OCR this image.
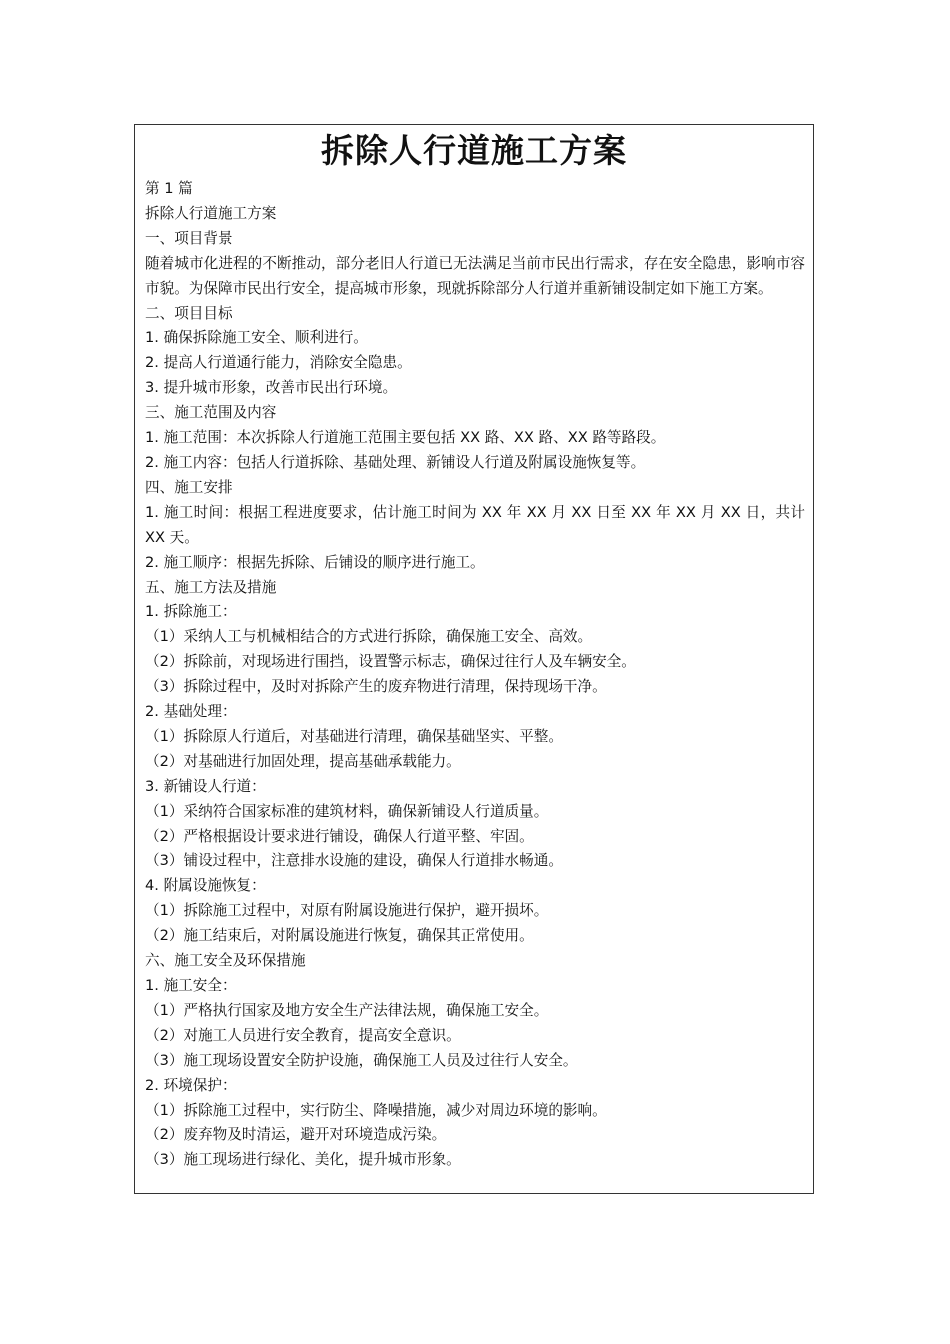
拆除人行道施工方案
第 1 篇
拆除人行道施工方案
一、项目背景
随着城市化进程的不断推动，部分老旧人行道已无法满足当前市民出行需求，存在安全隐患，影响市容市貌。为保障市民出行安全，提高城市形象，现就拆除部分人行道并重新铺设制定如下施工方案。
二、项目目标
1. 确保拆除施工安全、顺利进行。
2. 提高人行道通行能力，消除安全隐患。
3. 提升城市形象，改善市民出行环境。
三、施工范围及内容
1. 施工范围：本次拆除人行道施工范围主要包括 XX 路、XX 路、XX 路等路段。
2. 施工内容：包括人行道拆除、基础处理、新铺设人行道及附属设施恢复等。
四、施工安排
1. 施工时间：根据工程进度要求，估计施工时间为 XX 年 XX 月 XX 日至 XX 年 XX 月 XX 日，共计 XX 天。
2. 施工顺序：根据先拆除、后铺设的顺序进行施工。
五、施工方法及措施
1. 拆除施工：
（1）采纳人工与机械相结合的方式进行拆除，确保施工安全、高效。
（2）拆除前，对现场进行围挡，设置警示标志，确保过往行人及车辆安全。
（3）拆除过程中，及时对拆除产生的废弃物进行清理，保持现场干净。
2. 基础处理：
（1）拆除原人行道后，对基础进行清理，确保基础坚实、平整。
（2）对基础进行加固处理，提高基础承载能力。
3. 新铺设人行道：
（1）采纳符合国家标准的建筑材料，确保新铺设人行道质量。
（2）严格根据设计要求进行铺设，确保人行道平整、牢固。
（3）铺设过程中，注意排水设施的建设，确保人行道排水畅通。
4. 附属设施恢复：
（1）拆除施工过程中，对原有附属设施进行保护，避开损坏。
（2）施工结束后，对附属设施进行恢复，确保其正常使用。
六、施工安全及环保措施
1. 施工安全：
（1）严格执行国家及地方安全生产法律法规，确保施工安全。
（2）对施工人员进行安全教育，提高安全意识。
（3）施工现场设置安全防护设施，确保施工人员及过往行人安全。
2. 环境保护：
（1）拆除施工过程中，实行防尘、降噪措施，减少对周边环境的影响。
（2）废弃物及时清运，避开对环境造成污染。
（3）施工现场进行绿化、美化，提升城市形象。
